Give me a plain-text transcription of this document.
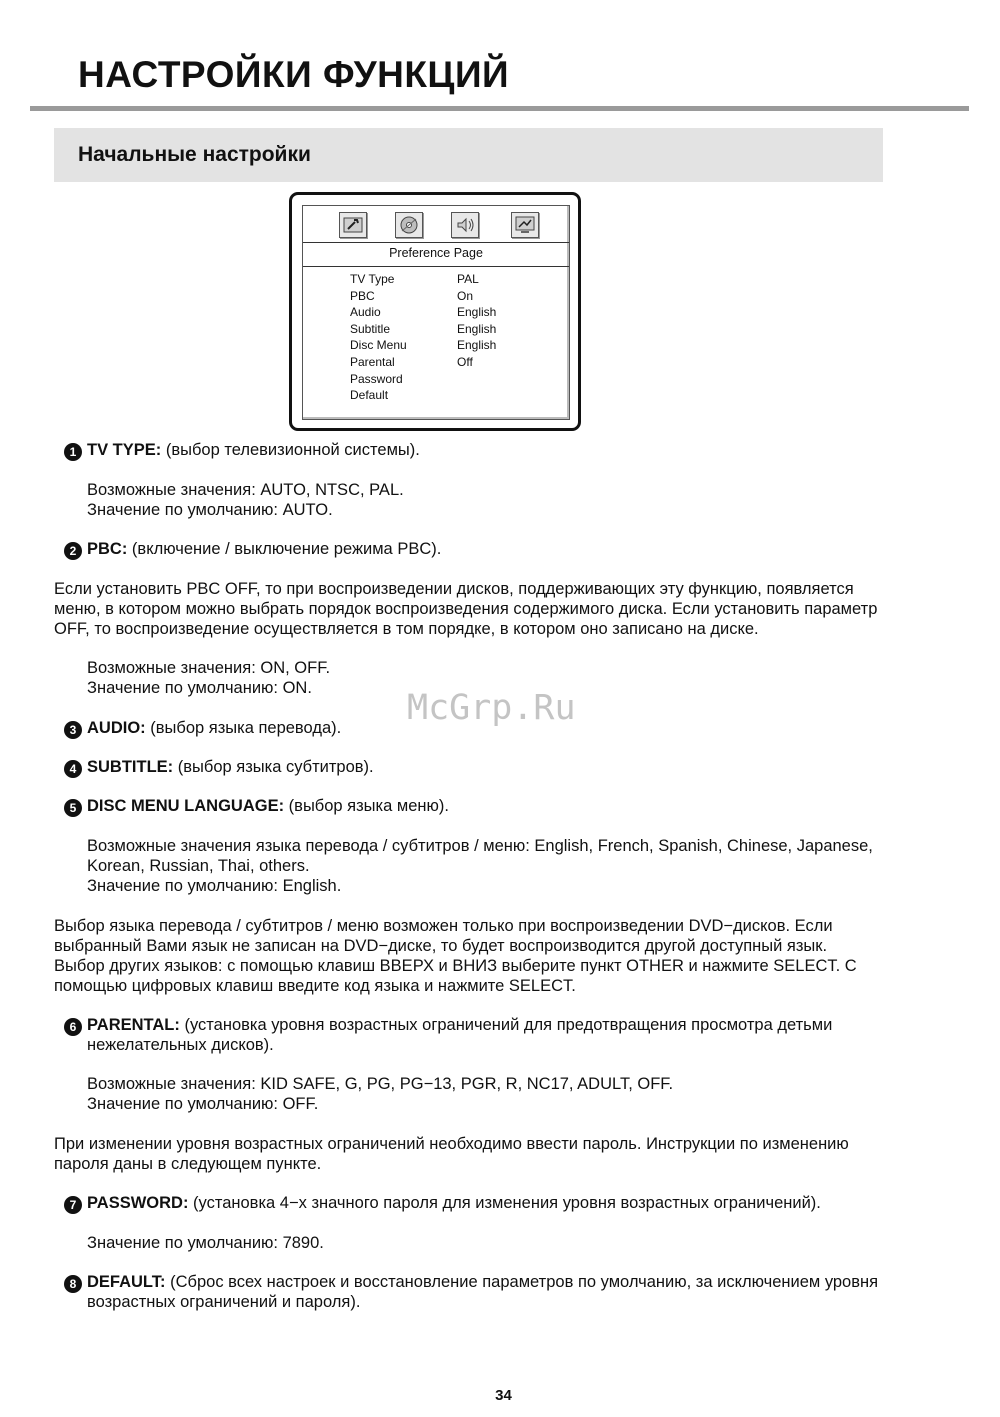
НАСТРОЙКИ ФУНКЦИЙ
Начальные настройки
Preference Page
TV Type	PAL
PBC	On
Audio	English
Subtitle	English
Disc Menu	English
Parental	Off
Password
Default
1 TV TYPE: (выбор телевизионной системы).
Возможные значения: AUTO, NTSC, PAL.
Значение по умолчанию: AUTO.
2 PBC: (включение / выключение режима PBC).
Если установить PBC OFF, то при воспроизведении дисков, поддерживающих эту функцию, появляется
меню, в котором можно выбрать порядок воспроизведения содержимого диска. Если установить параметр
OFF, то воспроизведение осуществляется в том порядке, в котором оно записано на диске.
Возможные значения: ON, OFF.
Значение по умолчанию: ON.	McGrp.Ru
3 AUDIO: (выбор языка перевода).
4 SUBTITLE: (выбор языка субтитров).
5 DISC MENU LANGUAGE: (выбор языка меню).
Возможные значения языка перевода / субтитров / меню: English, French, Spanish, Chinese, Japanese,
Korean, Russian, Thai, others.
Значение по умолчанию: English.
Выбор языка перевода / субтитров / меню возможен только при воспроизведении DVD−дисков. Если
выбранный Вами язык не записан на DVD−диске, то будет воспроизводится другой доступный язык.
Выбор других языков: с помощью клавиш ВВЕРХ и ВНИЗ выберите пункт OTHER и нажмите SELECT. С
помощью цифровых клавиш введите код языка и нажмите SELECT.
6 PARENTAL: (установка уровня возрастных ограничений для предотвращения просмотра детьми
нежелательных дисков).
Возможные значения: KID SAFE, G, PG, PG−13, PGR, R, NC17, ADULT, OFF.
Значение по умолчанию: OFF.
При изменении уровня возрастных ограничений необходимо ввести пароль. Инструкции по изменению
пароля даны в следующем пункте.
7 PASSWORD: (установка 4−х значного пароля для изменения уровня возрастных ограничений).
Значение по умолчанию: 7890.
8 DEFAULT: (Сброс всех настроек и восстановление параметров по умолчанию, за исключением уровня
возрастных ограничений и пароля).
34
